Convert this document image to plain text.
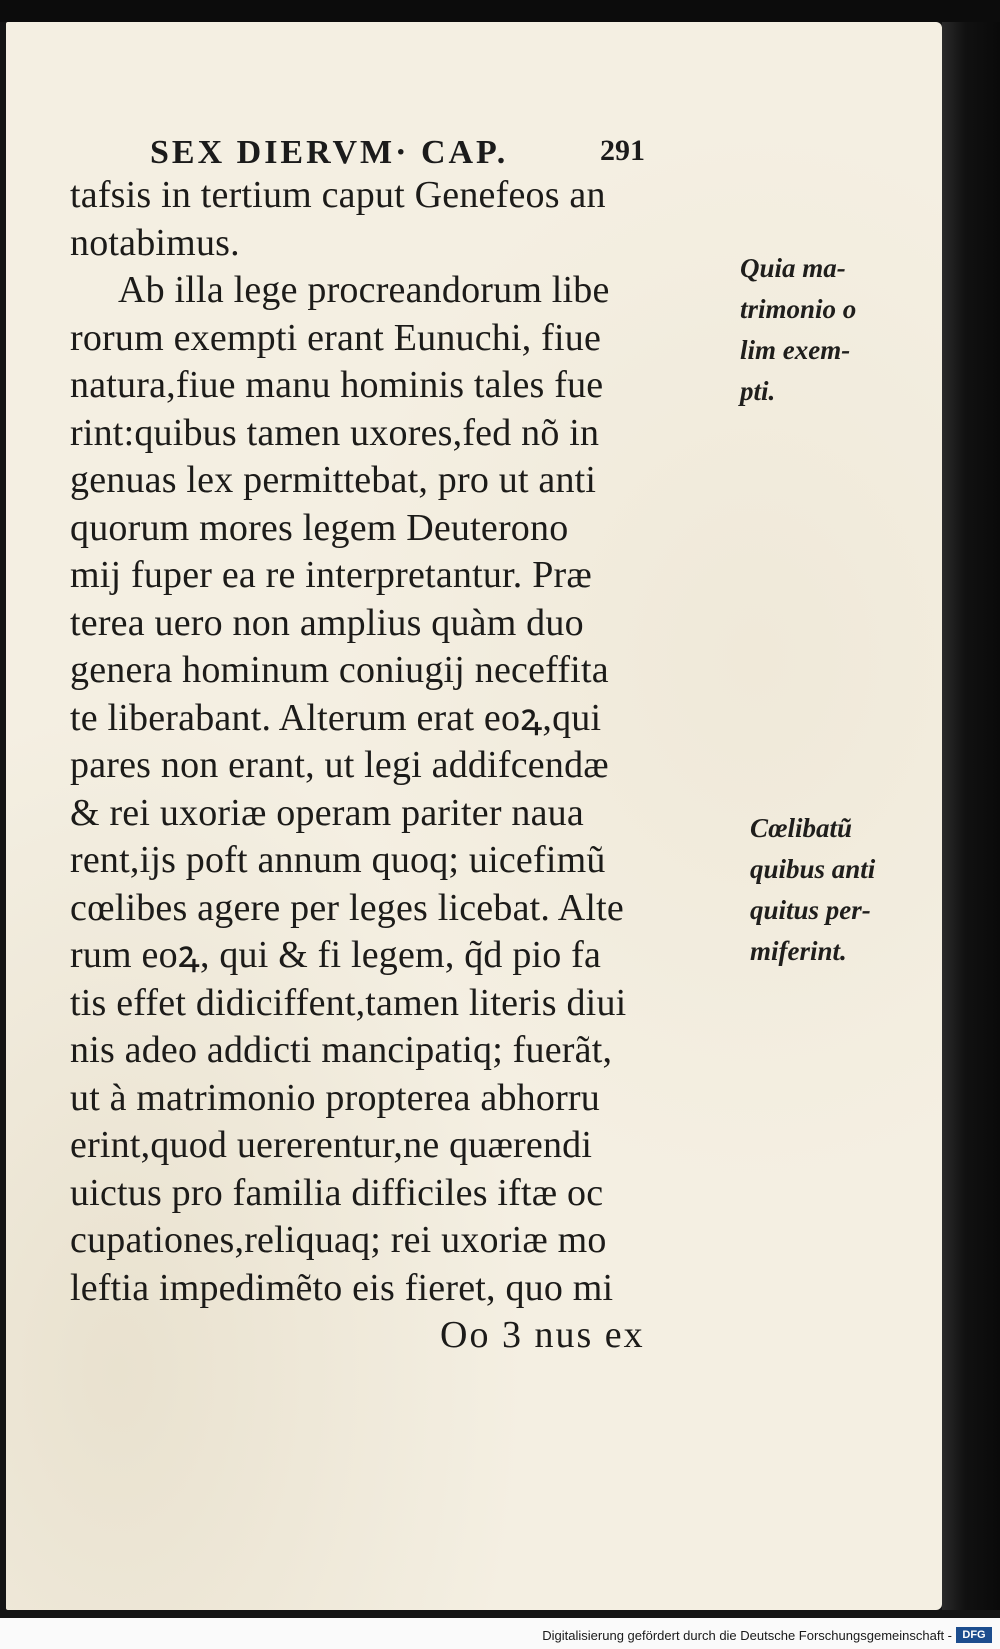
SEX DIERVM· CAP.	291
tafsis in tertium caput Genefeos an
notabimus.
Ab illa lege procreandorum libe
rorum exempti erant Eunuchi, fiue
natura,fiue manu hominis tales fue
rint:quibus tamen uxores,fed nõ in
genuas lex permittebat, pro ut anti
quorum mores legem Deuterono
mij fuper ea re interpretantur. Præ
terea uero non amplius quàm duo
genera hominum coniugij neceffita
te liberabant. Alterum erat eoꝝ,qui
pares non erant, ut legi addifcendæ
& rei uxoriæ operam pariter naua
rent,ijs poft annum quoq; uicefimũ
cœlibes agere per leges licebat. Alte
rum eoꝝ, qui & fi legem, q̃d pio fa
tis effet didiciffent,tamen literis diui
nis adeo addicti mancipatiq; fuerãt,
ut à matrimonio propterea abhorru
erint,quod uererentur,ne quærendi
uictus pro familia difficiles iftæ oc
cupationes,reliquaq; rei uxoriæ mo
leftia impedimẽto eis fieret, quo mi
Oo 3 nus ex
Quia ma-
trimonio o
lim exem-
pti.
Cœlibatũ
quibus anti
quitus per-
miferint.
Digitalisierung gefördert durch die Deutsche Forschungsgemeinschaft - DFG
